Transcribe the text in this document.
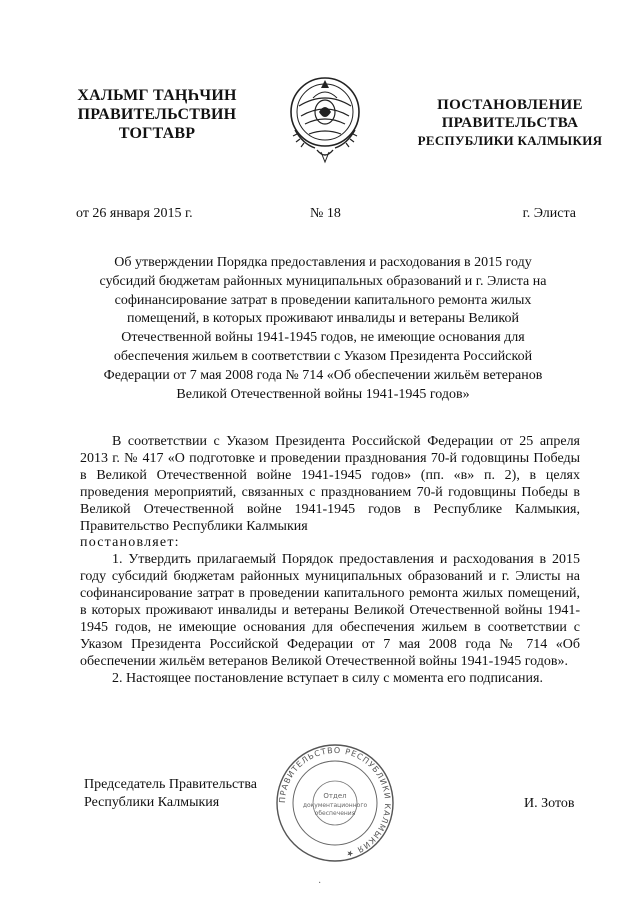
ХАЛЬМГ ТАҢҺЧИН
ПРАВИТЕЛЬСТВИН
ТОГТАВР
ПОСТАНОВЛЕНИЕ
ПРАВИТЕЛЬСТВА
РЕСПУБЛИКИ КАЛМЫКИЯ
от 26 января 2015 г.	№ 18	г. Элиста
Об утверждении Порядка предоставления и расходования в 2015 году субсидий бюджетам районных муниципальных образований и г. Элиста на софинансирование затрат в проведении капитального ремонта жилых помещений, в которых проживают инвалиды и ветераны Великой Отечественной войны 1941-1945 годов, не имеющие основания для обеспечения жильем в соответствии с Указом Президента Российской Федерации от 7 мая 2008 года № 714 «Об обеспечении жильём ветеранов Великой Отечественной войны 1941-1945 годов»

В соответствии с Указом Президента Российской Федерации от 25 апреля 2013 г. № 417 «О подготовке и проведении празднования 70-й годовщины Победы в Великой Отечественной войне 1941-1945 годов» (пп. «в» п. 2), в целях проведения мероприятий, связанных с празднованием 70-й годовщины Победы в Великой Отечественной войне 1941-1945 годов в Республике Калмыкия, Правительство Республики Калмыкия

постановляет:

1. Утвердить прилагаемый Порядок предоставления и расходования в 2015 году субсидий бюджетам районных муниципальных образований и г. Элисты на софинансирование затрат в проведении капитального ремонта жилых помещений, в которых проживают инвалиды и ветераны Великой Отечественной войны 1941-1945 годов, не имеющие основания для обеспечения жильем в соответствии с Указом Президента Российской Федерации от 7 мая 2008 года № 714 «Об обеспечении жильём ветеранов Великой Отечественной войны 1941-1945 годов».

2. Настоящее постановление вступает в силу с момента его подписания.

Председатель Правительства
Республики Калмыкия	ПРАВИТЕЛЬСТВО РЕСПУБЛИКИ КАЛМЫКИЯ ★
Отдел
документационного
обеспечения
И. Зотов
·
